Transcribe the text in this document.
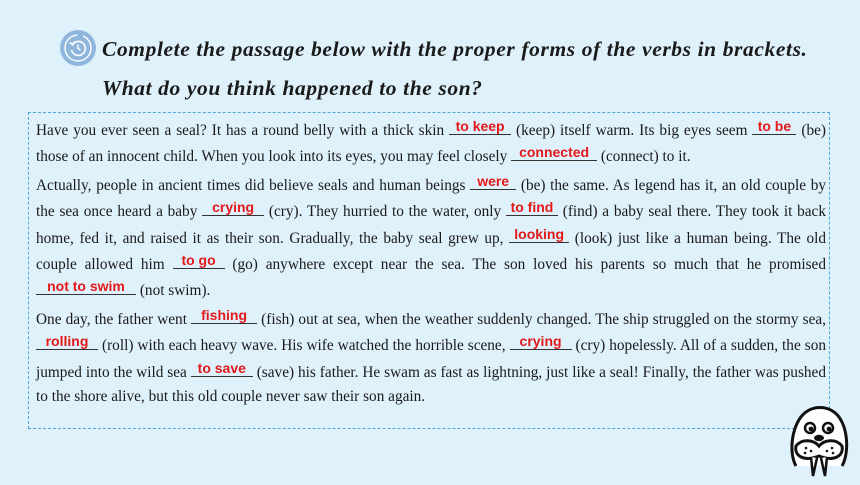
Complete the passage below with the proper forms of the verbs in brackets. What do you think happened to the son?

Have you ever seen a seal? It has a round belly with a thick skin to keep (keep) itself warm. Its big eyes seem to be (be) those of an innocent child. When you look into its eyes, you may feel closely connected (connect) to it.

Actually, people in ancient times did believe seals and human beings were (be) the same. As legend has it, an old couple by the sea once heard a baby crying (cry). They hurried to the water, only to find (find) a baby seal there. They took it back home, fed it, and raised it as their son. Gradually, the baby seal grew up, looking (look) just like a human being. The old couple allowed him to go (go) anywhere except near the sea. The son loved his parents so much that he promised
not to swim (not swim).

One day, the father went fishing (fish) out at sea, when the weather suddenly changed. The ship struggled on the stormy sea,
rolling (roll) with each heavy wave. His wife watched the horrible scene, crying (cry) hopelessly. All of a sudden, the son jumped into the wild sea to save (save) his father. He swam as fast as lightning, just like a seal! Finally, the father was pushed to the shore alive, but this old couple never saw their son again.
